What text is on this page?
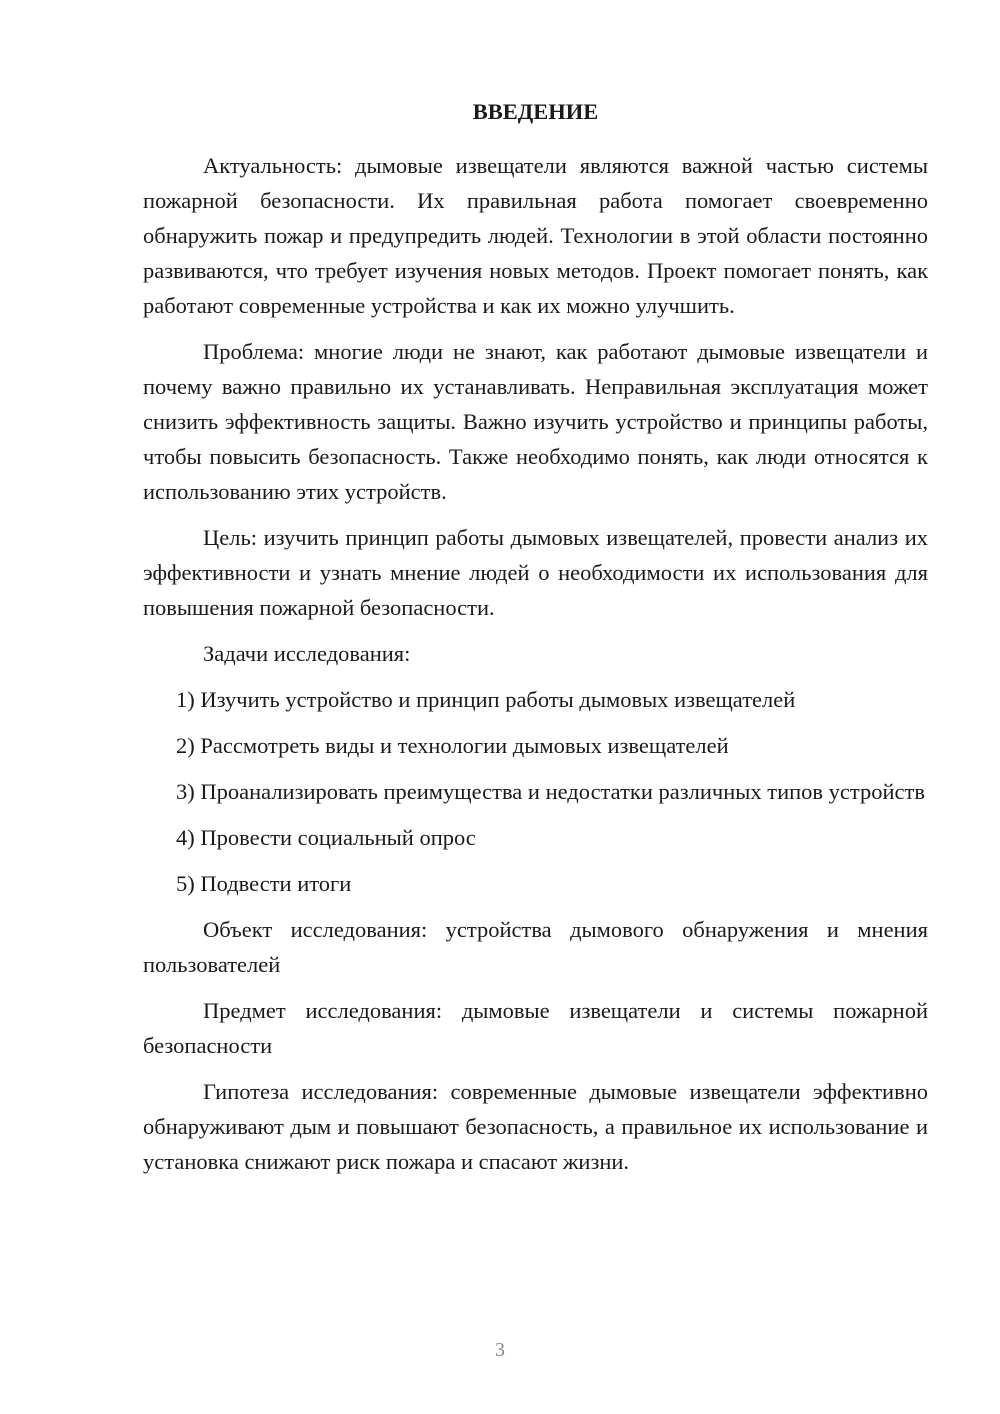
ВВЕДЕНИЕ

Актуальность: дымовые извещатели являются важной частью системы пожарной безопасности. Их правильная работа помогает своевременно обнаружить пожар и предупредить людей. Технологии в этой области постоянно развиваются, что требует изучения новых методов. Проект помогает понять, как работают современные устройства и как их можно улучшить.

Проблема: многие люди не знают, как работают дымовые извещатели и почему важно правильно их устанавливать. Неправильная эксплуатация может снизить эффективность защиты. Важно изучить устройство и принципы работы, чтобы повысить безопасность. Также необходимо понять, как люди относятся к использованию этих устройств.

Цель: изучить принцип работы дымовых извещателей, провести анализ их эффективности и узнать мнение людей о необходимости их использования для повышения пожарной безопасности.

Задачи исследования:

1) Изучить устройство и принцип работы дымовых извещателей

2) Рассмотреть виды и технологии дымовых извещателей

3) Проанализировать преимущества и недостатки различных типов устройств

4) Провести социальный опрос

5) Подвести итоги

Объект исследования: устройства дымового обнаружения и мнения пользователей

Предмет исследования: дымовые извещатели и системы пожарной безопасности

Гипотеза исследования: современные дымовые извещатели эффективно обнаруживают дым и повышают безопасность, а правильное их использование и установка снижают риск пожара и спасают жизни.

3
